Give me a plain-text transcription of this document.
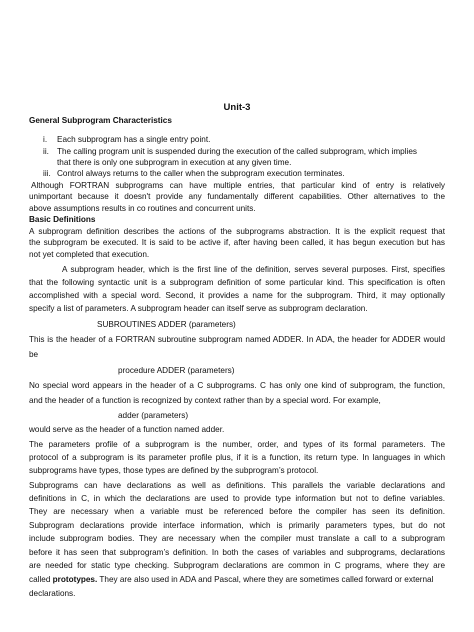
Unit-3
General Subprogram Characteristics
i. Each subprogram has a single entry point.
ii. The calling program unit is suspended during the execution of the called subprogram, which implies
that there is only one subprogram in execution at any given time.
iii. Control always returns to the caller when the subprogram execution terminates.
Although FORTRAN subprograms can have multiple entries, that particular kind of entry is relatively
unimportant because it doesn't provide any fundamentally different capabilities. Other alternatives to the
above assumptions results in co routines and concurrent units.
Basic Definitions
A subprogram definition describes the actions of the subprograms abstraction. It is the explicit request that
the subprogram be executed. It is said to be active if, after having been called, it has begun execution but has
not yet completed that execution.
A subprogram header, which is the first line of the definition, serves several purposes. First, specifies
that the following syntactic unit is a subprogram definition of some particular kind. This specification is often
accomplished with a special word. Second, it provides a name for the subprogram. Third, it may optionally
specify a list of parameters. A subprogram header can itself serve as subprogram declaration.
SUBROUTINES ADDER (parameters)
This is the header of a FORTRAN subroutine subprogram named ADDER. In ADA, the header for ADDER would
be
procedure ADDER (parameters)
No special word appears in the header of a C subprograms. C has only one kind of subprogram, the function,
and the header of a function is recognized by context rather than by a special word. For example,
adder (parameters)
would serve as the header of a function named adder.
The parameters profile of a subprogram is the number, order, and types of its formal parameters. The
protocol of a subprogram is its parameter profile plus, if it is a function, its return type. In languages in which
subprograms have types, those types are defined by the subprogram’s protocol.
Subprograms can have declarations as well as definitions. This parallels the variable declarations and
definitions in C, in which the declarations are used to provide type information but not to define variables.
They are necessary when a variable must be referenced before the compiler has seen its definition.
Subprogram declarations provide interface information, which is primarily parameters types, but do not
include subprogram bodies. They are necessary when the compiler must translate a call to a subprogram
before it has seen that subprogram’s definition. In both the cases of variables and subprograms, declarations
are needed for static type checking. Subprogram declarations are common in C programs, where they are
called prototypes. They are also used in ADA and Pascal, where they are sometimes called forward or external
declarations.
